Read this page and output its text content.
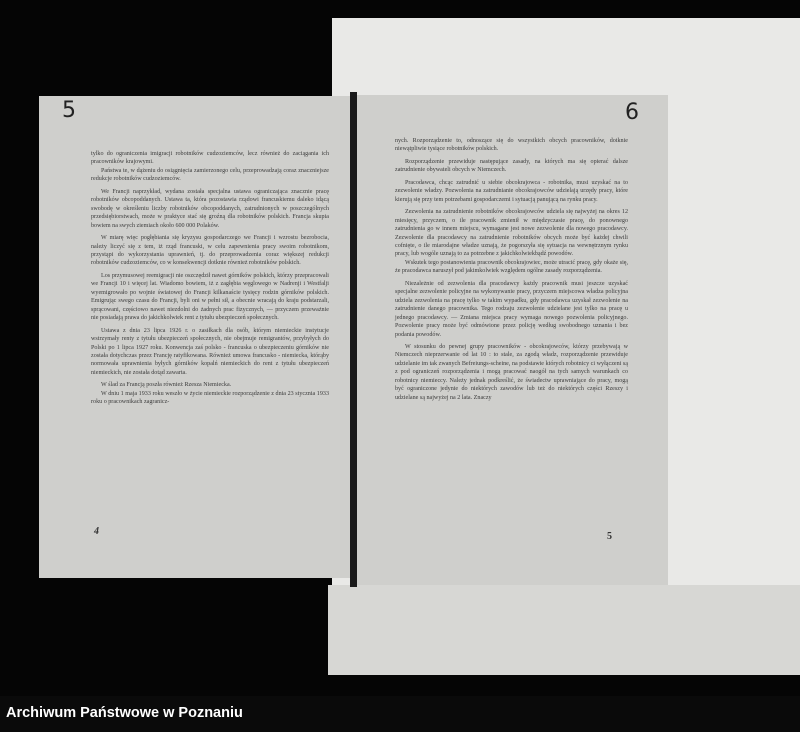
tylko do ograniczenia imigracji robotników cudzoziemców, lecz również do zaciągania ich pracowników krajowymi.

Państwa te, w dążeniu do osiągnięcia zamierzonego celu, przeprowadzają coraz znaczniejsze redukcje robotników cudzoziemców.

We Francji naprzykład, wydana została specjalna ustawa ograniczająca znacznie pracę robotników obcopoddanych. Ustawa ta, która pozostawia rządowi francuskiemu daleko idącą swobodę w określeniu liczby robotników obcopoddanych, zatrudnionych w poszczególnych przedsiębiorstwach, może w praktyce stać się groźną dla robotników polskich. Francja skupia bowiem na swych ziemiach około 600 000 Polaków.

W miarę więc pogłębiania się kryzysu gospodarczego we Francji i wzrostu bezrobocia, należy liczyć się z tem, iż rząd francuski, w celu zapewnienia pracy swoim robotnikom, przystąpi do wykorzystania uprawnień, tj. do przeprowadzenia coraz większej redukcji robotników cudzoziemców, co w konsekwencji dotknie również robotników polskich.

Los przymusowej reemigracji nie oszczędził nawet górników polskich, którzy przepracowali we Francji 10 i więcej lat. Wiadomo bowiem, iż z zagłębia węglowego w Nadrenji i Westfalji wyemigrowało po wojnie światowej do Francji kilkanaście tysięcy rodzin górników polskich. Emigrując swego czasu do Francji, byli oni w pełni sił, a obecnie wracają do kraju podstarzali, sprącowani, częściowo nawet niezdolni do żadnych prac fizycznych, — przyczem przeważnie nie posiadają prawa do jakichkolwiek rent z tytułu ubezpieczeń społecznych.

Ustawa z dnia 23 lipca 1926 r. o zasiłkach dla osób, którym niemieckie instytucje wstrzymały renty z tytułu ubezpieczeń społecznych, nie obejmuje remigrantów, przybyłych do Polski po 1 lipca 1927 roku. Konwencja zaś polsko - francuska o ubezpieczeniu górników nie została dotychczas przez Francję ratyfikowana. Również umowa francusko - niemiecka, którąby normowała uprawnienia byłych górników kopalń niemieckich do rent z tytułu ubezpieczeń niemieckich, nie została dotąd zawarta.

W ślad za Francją poszła również Rzesza Niemiecka.

W dniu 1 maja 1933 roku weszło w życie niemieckie rozporządzenie z dnia 23 stycznia 1933 roku o pracownikach zagranicz-

4

nych. Rozporządzenie to, odnoszące się do wszystkich obcych pracowników, dotknie niewątpliwie tysiące robotników polskich.

Rozporządzenie przewiduje następujące zasady, na których ma się opierać dalsze zatrudnienie obywateli obcych w Niemczech.

Pracodawca, chcąc zatrudnić u siebie obcokrajowca - robotnika, musi uzyskać na to zezwolenie władzy. Pozwolenia na zatrudnianie obcokrajowców udzielają urzędy pracy, które kierują się przy tem potrzebami gospodarczemi i sytuacją panującą na rynku pracy.

Zezwolenia na zatrudnienie robotników obcokrajowców udziela się najwyżej na okres 12 miesięcy, przyczem, o ile pracownik zmienił w międzyczasie pracę, do ponownego zatrudnienia go w innem miejscu, wymagane jest nowe zezwolenie dla nowego pracodawcy. Zezwolenie dla pracodawcy na zatrudnienie robotników obcych może być każdej chwili cofnięte, o ile miarodajne władze uznają, że pogorszyła się sytuacja na wewnętrznym rynku pracy, lub wogóle uznają to za potrzebne z jakichkolwiekbądź powodów.

Wskutek tego postanowienia pracownik obcokrajowiec, może utracić pracę, gdy okaże się, że pracodawca naruszył pod jakimkolwiek względem ogólne zasady rozporządzenia.

Niezależnie od zezwolenia dla pracodawcy każdy pracownik musi jeszcze uzyskać specjalne zezwolenie policyjne na wykonywanie pracy, przyczem miejscowa władza policyjna udziela zezwolenia na pracę tylko w takim wypadku, gdy pracodawca uzyskał zezwolenie na zatrudnienie danego pracownika. Tego rodzaju zezwolenie udzielane jest tylko na pracę u jednego pracodawcy. — Zmiana miejsca pracy wymaga nowego pozwolenia policyjnego. Pozwolenie pracy może być odmówione przez policję według swobodnego uznania i bez podania powodów.

W stosunku do pewnej grupy pracowników - obcokrajowców, którzy przebywają w Niemczech nieprzerwanie od lat 10 : to stale, za zgodą władz, rozporządzenie przewiduje udzielanie im tak zwanych Befreiungs-scheine, na podstawie których robotnicy ci wyłączeni są z pod ograniczeń rozporządzenia i mogą pracować naogół na tych samych warunkach co robotnicy niemieccy. Należy jednak podkreślić, że świadectw uprawniające do pracy, mogą być ograniczone jedynie do niektórych zawodów lub też do niektórych części Rzeszy i udzielane są najwyżej na 2 lata. Znaczy

5
5	6
Archiwum Państwowe w Poznaniu
